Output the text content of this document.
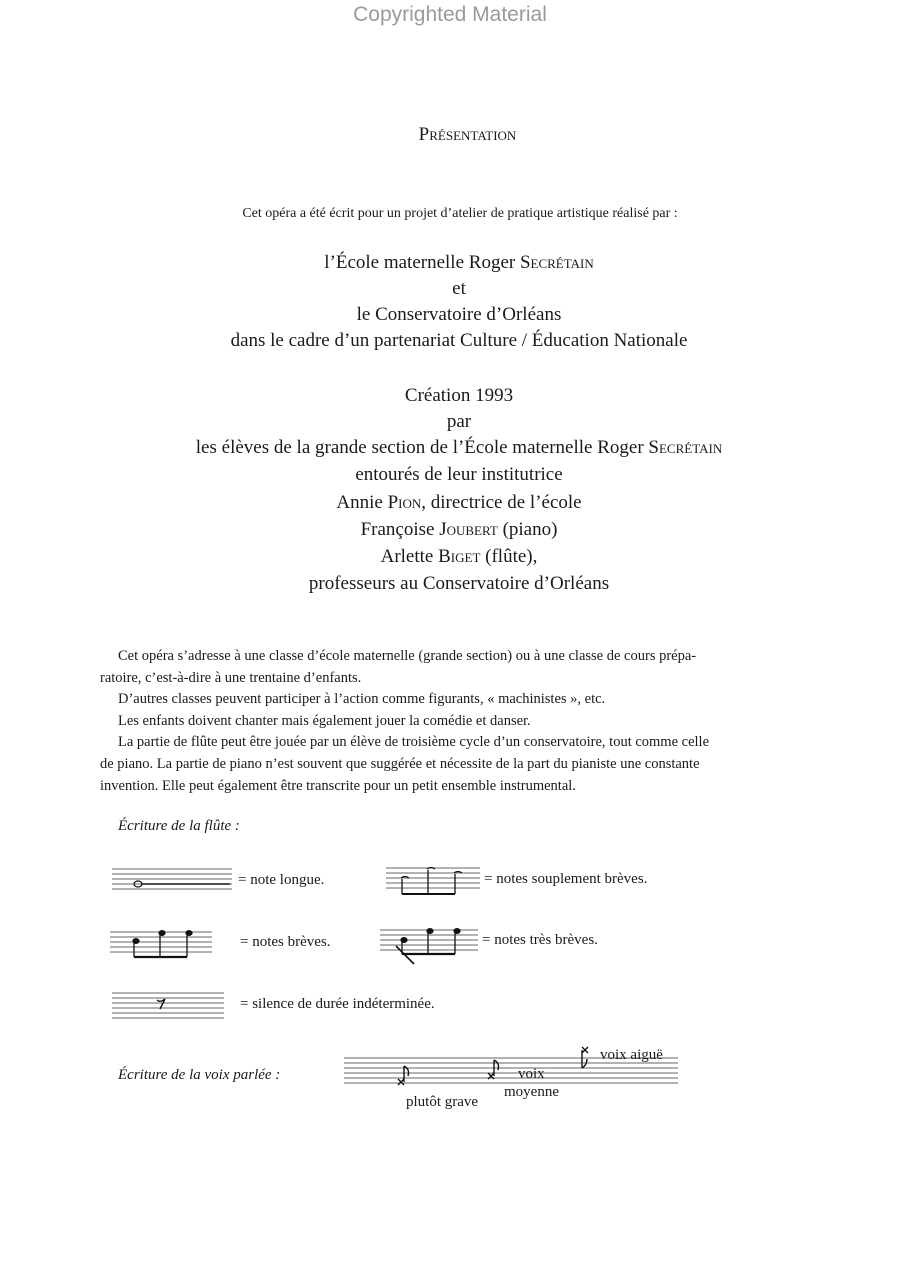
Copyrighted Material
Présentation
Cet opéra a été écrit pour un projet d’atelier de pratique artistique réalisé par :
l’École maternelle Roger Secrétain
et
le Conservatoire d’Orléans
dans le cadre d’un partenariat Culture / Éducation Nationale
Création 1993
par
les élèves de la grande section de l’École maternelle Roger Secrétain
entourés de leur institutrice
Annie Pion, directrice de l’école
Françoise Joubert (piano)
Arlette Biget (flûte),
professeurs au Conservatoire d’Orléans

Cet opéra s’adresse à une classe d’école maternelle (grande section) ou à une classe de cours prépa-

ratoire, c’est-à-dire à une trentaine d’enfants.

D’autres classes peuvent participer à l’action comme figurants, « machinistes », etc.

Les enfants doivent chanter mais également jouer la comédie et danser.

La partie de flûte peut être jouée par un élève de troisième cycle d’un conservatoire, tout comme celle

de piano. La partie de piano n’est souvent que suggérée et nécessite de la part du pianiste une constante

invention. Elle peut également être transcrite pour un petit ensemble instrumental.

Écriture de la flûte :
= note longue.	= notes souplement brèves.
= notes brèves.	= notes très brèves.
= silence de durée indéterminée.
Écriture de la voix parlée :
plutôt grave
voix
moyenne
voix aiguë
